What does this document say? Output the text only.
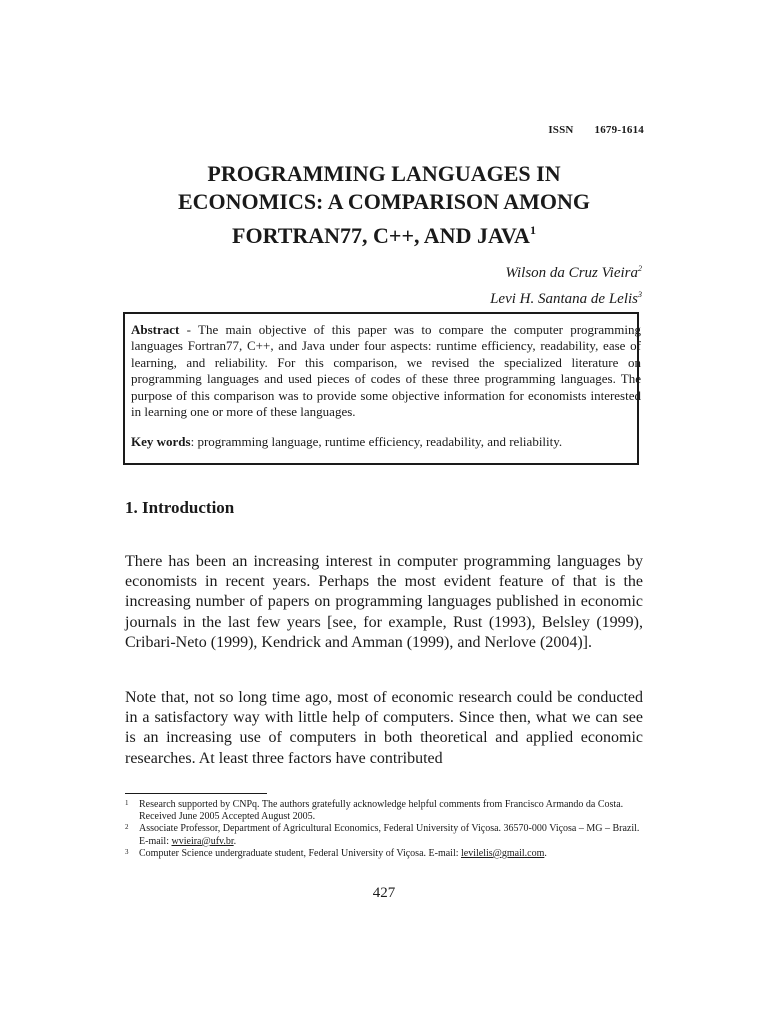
ISSN 1679-1614
PROGRAMMING LANGUAGES IN
ECONOMICS: A COMPARISON AMONG
FORTRAN77, C++, AND JAVA$^1$
Wilson da Cruz Vieira$^2$
Levi H. Santana de Lelis$^3$
Abstract - The main objective of this paper was to compare the computer programming languages Fortran77, C++, and Java under four aspects: runtime efficiency, readability, ease of learning, and reliability. For this comparison, we revised the specialized literature on programming languages and used pieces of codes of these three programming languages. The purpose of this comparison was to provide some objective information for economists interested in learning one or more of these languages.
Key words: programming language, runtime efficiency, readability, and reliability.
1. Introduction

There has been an increasing interest in computer programming languages by economists in recent years. Perhaps the most evident feature of that is the increasing number of papers on programming languages published in economic journals in the last few years [see, for example, Rust (1993), Belsley (1999), Cribari-Neto (1999), Kendrick and Amman (1999), and Nerlove (2004)].

Note that, not so long time ago, most of economic research could be conducted in a satisfactory way with little help of computers. Since then, what we can see is an increasing use of computers in both theoretical and applied economic researches. At least three factors have contributed

1	Research supported by CNPq. The authors gratefully acknowledge helpful comments from Francisco Armando da Costa. Received June 2005 Accepted August 2005.

2	Associate Professor, Department of Agricultural Economics, Federal University of Viçosa. 36570-000 Viçosa – MG – Brazil. E-mail: wvieira@ufv.br.

3	Computer Science undergraduate student, Federal University of Viçosa. E-mail: levilelis@gmail.com.

427
